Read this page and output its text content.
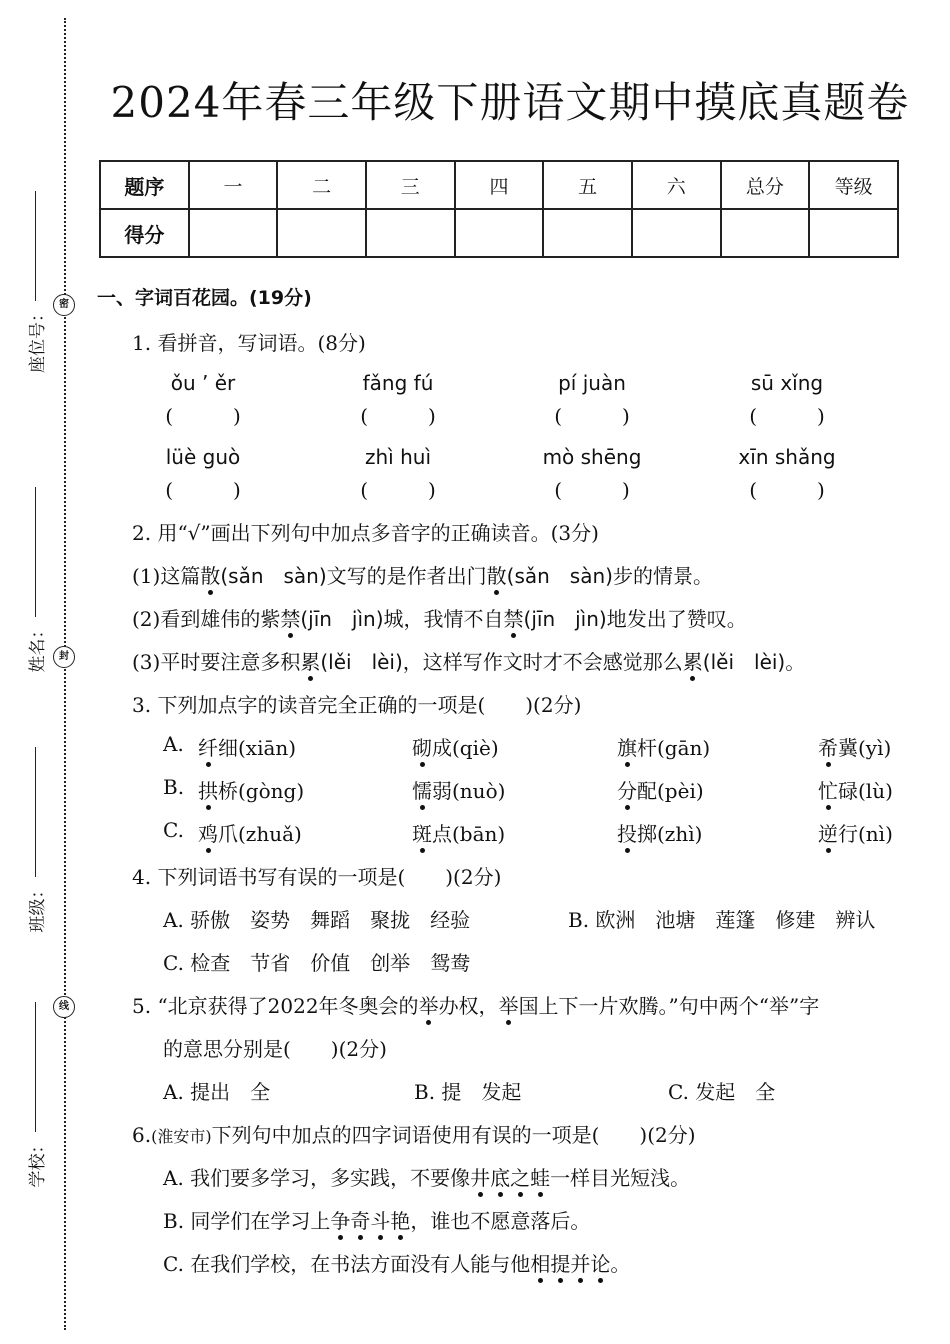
密
封
线
座位号：
姓名：
班级：
学校：
2024年春三年级下册语文期中摸底真题卷
题序	一	二	三	四	五	六	总分	等级
得分								
一、字词百花园。(19分)
1. 看拼音，写词语。(8分)
ǒu ’ ěr	fǎng fú	pí juàn	sū xǐng
(　　　)	(　　　)	(　　　)	(　　　)
lüè guò	zhì huì	mò shēng	xīn shǎng
(　　　)	(　　　)	(　　　)	(　　　)
2. 用“√”画出下列句中加点多音字的正确读音。(3分)
(1)这篇散(sǎn　sàn)文写的是作者出门散(sǎn　sàn)步的情景。
(2)看到雄伟的紫禁(jīn　jìn)城，我情不自禁(jīn　jìn)地发出了赞叹。
(3)平时要注意多积累(lěi　lèi)，这样写作文时才不会感觉那么累(lěi　lèi)。
3. 下列加点字的读音完全正确的一项是(　　)(2分)
A. 纤细(xiān)	砌成(qiè)	旗杆(gān)	希冀(yì)
B. 拱桥(gòng)	懦弱(nuò)	分配(pèi)	忙碌(lù)
C. 鸡爪(zhuǎ)	斑点(bān)	投掷(zhì)	逆行(nì)
4. 下列词语书写有误的一项是(　　)(2分)
A. 骄傲　姿势　舞蹈　聚拢　经验	B. 欧洲　池塘　莲篷　修建　辨认
C. 检查　节省　价值　创举　鸳鸯
5. “北京获得了2022年冬奥会的举办权，举国上下一片欢腾。”句中两个“举”字
的意思分别是(　　)(2分)
A. 提出　全	B. 提　发起	C. 发起　全
6.(淮安市)下列句中加点的四字词语使用有误的一项是(　　)(2分)
A. 我们要多学习，多实践，不要像井底之蛙一样目光短浅。
B. 同学们在学习上争奇斗艳，谁也不愿意落后。
C. 在我们学校，在书法方面没有人能与他相提并论。
